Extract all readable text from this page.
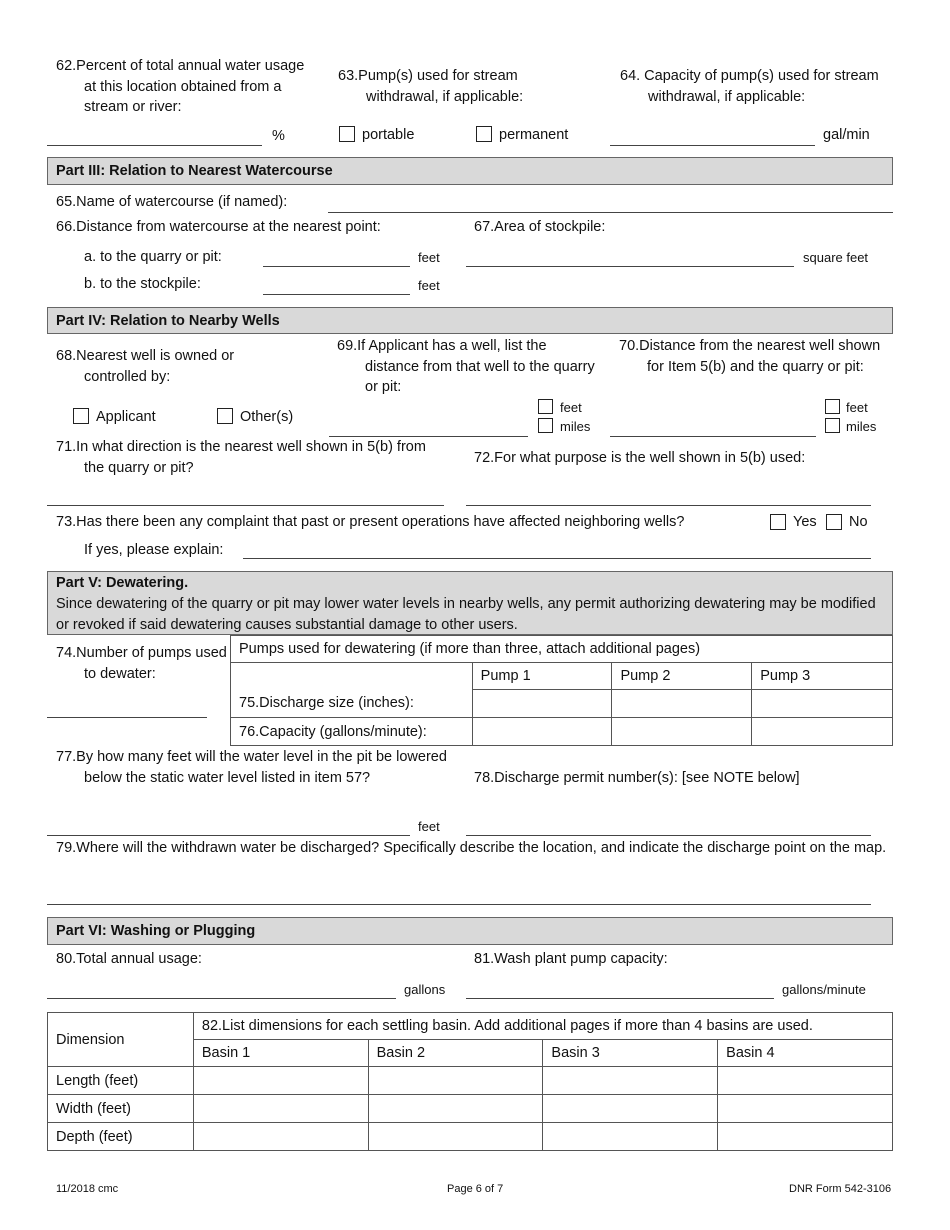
62.Percent of total annual water usage at this location obtained from a stream or river:
%
63.Pump(s) used for stream withdrawal, if applicable:
portable	permanent
64. Capacity of pump(s) used for stream withdrawal, if applicable:
gal/min
Part III: Relation to Nearest Watercourse
65.Name of watercourse (if named):
66.Distance from watercourse at the nearest point:
a. to the quarry or pit:	feet
b. to the stockpile:	feet
67.Area of stockpile:
square feet
Part IV: Relation to Nearby Wells
68.Nearest well is owned or controlled by:
Applicant	Other(s)
69.If Applicant has a well, list the distance from that well to the quarry or pit:
feet
miles
70.Distance from the nearest well shown for Item 5(b) and the quarry or pit:
feet
miles
71.In what direction is the nearest well shown in 5(b) from the quarry or pit?
72.For what purpose is the well shown in 5(b) used:
73.Has there been any complaint that past or present operations have affected neighboring wells?	Yes No
If yes, please explain:
Part V: Dewatering.
Since dewatering of the quarry or pit may lower water levels in nearby wells, any permit authorizing dewatering may be modified or revoked if said dewatering causes substantial damage to other users.
74.Number of pumps used to dewater:
Pumps used for dewatering (if more than three, attach additional pages)			
	Pump 1	Pump 2	Pump 3
75.Discharge size (inches):			
76.Capacity (gallons/minute):			
77.By how many feet will the water level in the pit be lowered below the static water level listed in item 57?
feet
78.Discharge permit number(s): [see NOTE below]
79.Where will the withdrawn water be discharged? Specifically describe the location, and indicate the discharge point on the map.
Part VI: Washing or Plugging
80.Total annual usage:
gallons
81.Wash plant pump capacity:
gallons/minute
Dimension	82.List dimensions for each settling basin. Add additional pages if more than 4 basins are used.			
	Basin 1	Basin 2	Basin 3	Basin 4
Length (feet)				
Width (feet)				
Depth (feet)				
11/2018 cmc	Page 6 of 7	DNR Form 542-3106
